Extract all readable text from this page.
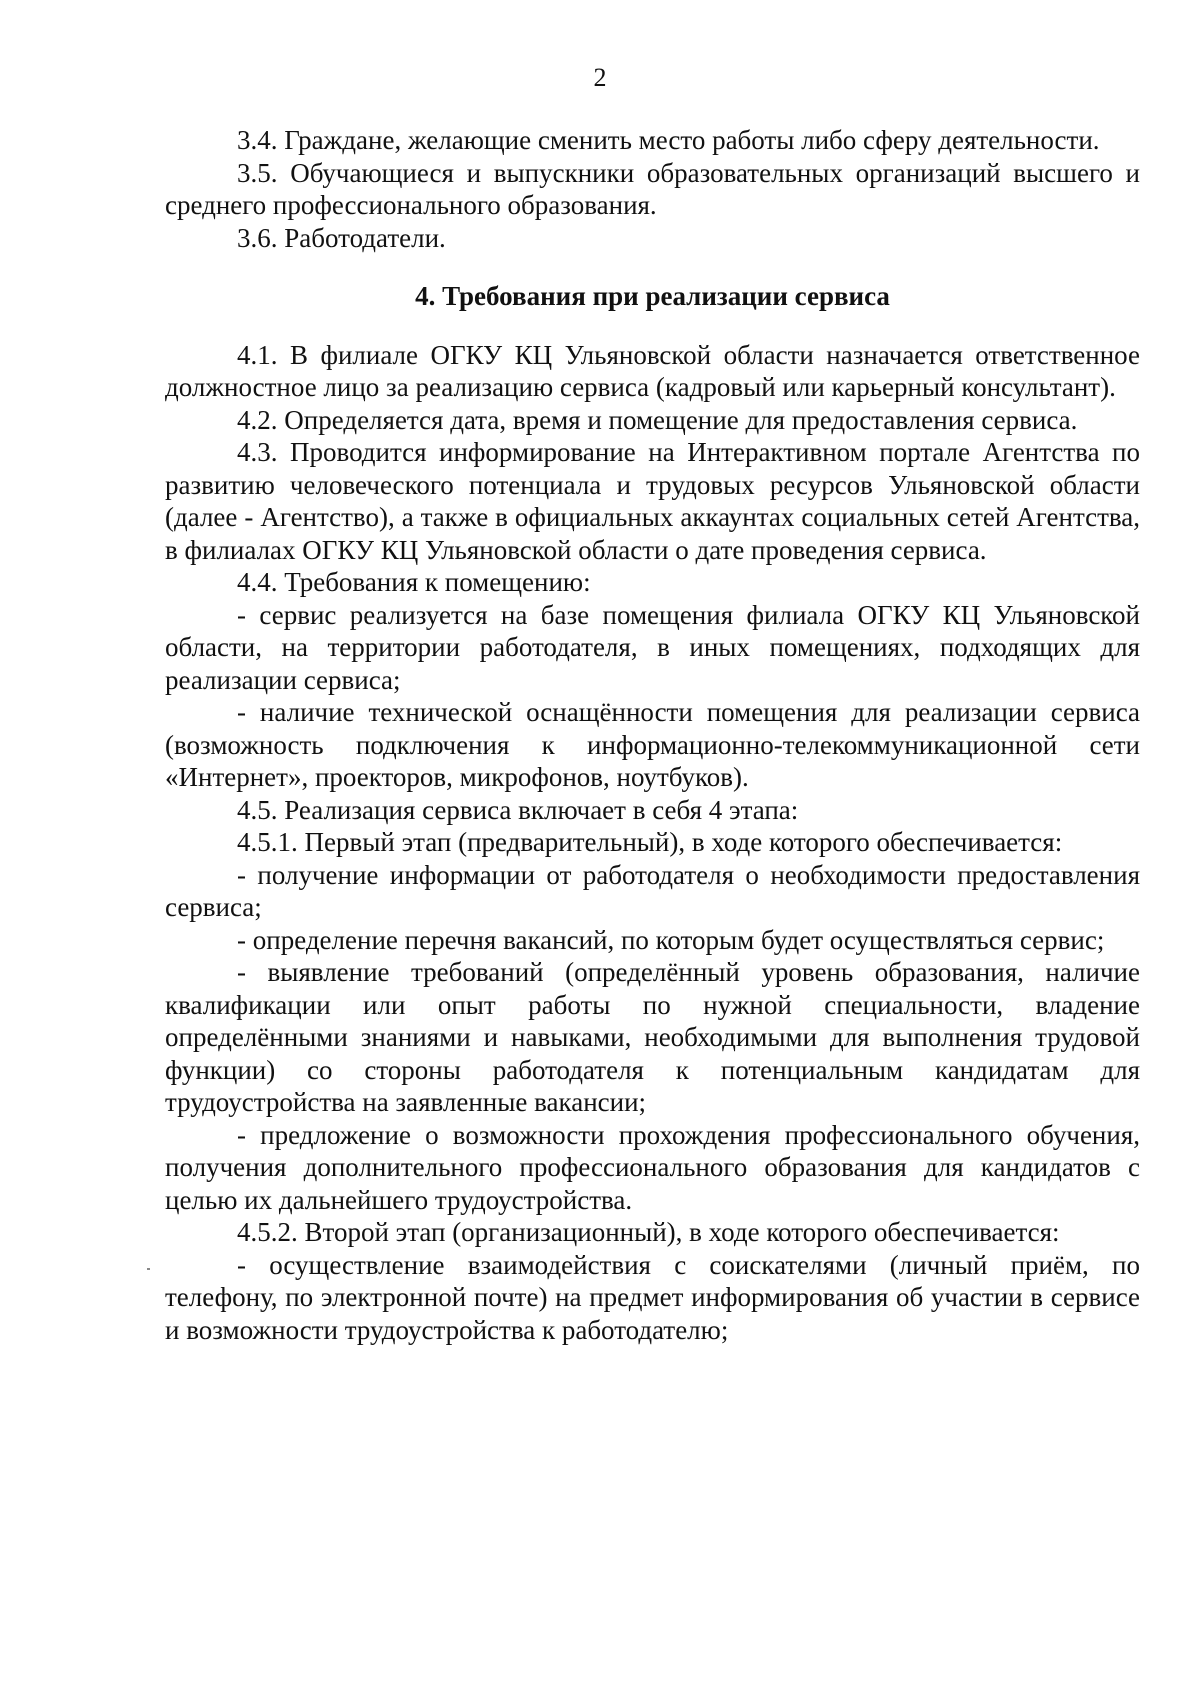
2

3.4. Граждане, желающие сменить место работы либо сферу деятельности.

3.5. Обучающиеся и выпускники образовательных организаций высшего и среднего профессионального образования.

3.6. Работодатели.

4. Требования при реализации сервиса

4.1. В филиале ОГКУ КЦ Ульяновской области назначается ответственное должностное лицо за реализацию сервиса (кадровый или карьерный консультант).

4.2. Определяется дата, время и помещение для предоставления сервиса.

4.3. Проводится информирование на Интерактивном портале Агентства по развитию человеческого потенциала и трудовых ресурсов Ульяновской области (далее - Агентство), а также в официальных аккаунтах социальных сетей Агентства, в филиалах ОГКУ КЦ Ульяновской области о дате проведения сервиса.

4.4. Требования к помещению:

- сервис реализуется на базе помещения филиала ОГКУ КЦ Ульяновской области, на территории работодателя, в иных помещениях, подходящих для реализации сервиса;

- наличие технической оснащённости помещения для реализации сервиса (возможность подключения к информационно-телекоммуникационной сети «Интернет», проекторов, микрофонов, ноутбуков).

4.5. Реализация сервиса включает в себя 4 этапа:

4.5.1. Первый этап (предварительный), в ходе которого обеспечивается:

- получение информации от работодателя о необходимости предоставления сервиса;

- определение перечня вакансий, по которым будет осуществляться сервис;

- выявление требований (определённый уровень образования, наличие квалификации или опыт работы по нужной специальности, владение определёнными знаниями и навыками, необходимыми для выполнения трудовой функции) со стороны работодателя к потенциальным кандидатам для трудоустройства на заявленные вакансии;

- предложение о возможности прохождения профессионального обучения, получения дополнительного профессионального образования для кандидатов с целью их дальнейшего трудоустройства.

4.5.2. Второй этап (организационный), в ходе которого обеспечивается:

- осуществление взаимодействия с соискателями (личный приём, по телефону, по электронной почте) на предмет информирования об участии в сервисе и возможности трудоустройства к работодателю;
